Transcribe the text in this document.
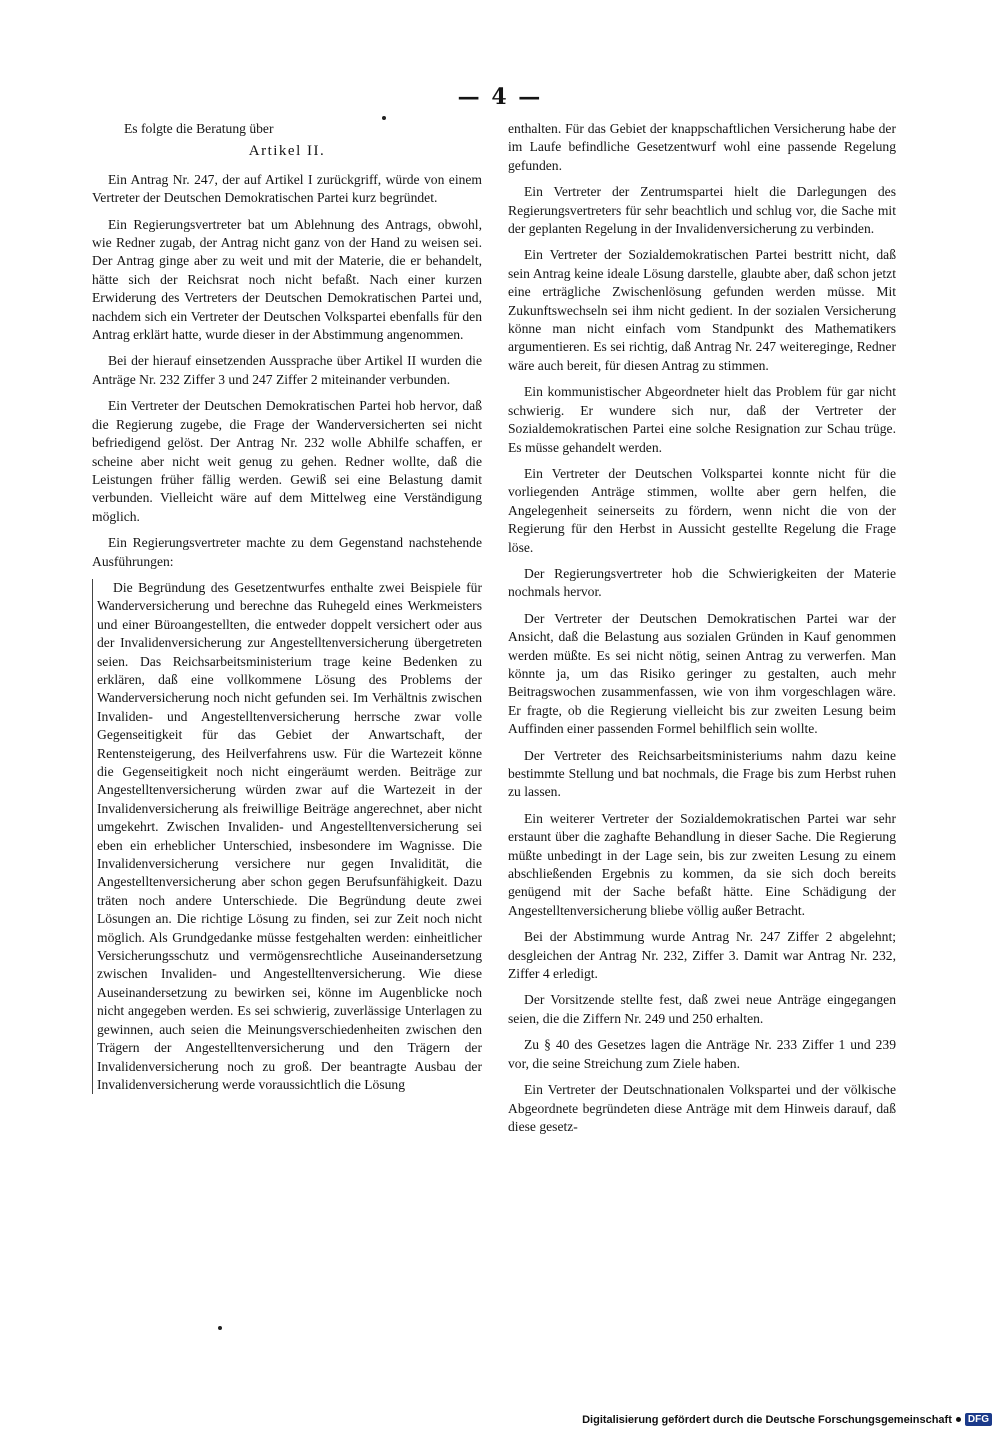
— 4 —
Es folgte die Beratung über
Artikel II.

Ein Antrag Nr. 247, der auf Artikel I zurückgriff, würde von einem Vertreter der Deutschen Demokratischen Partei kurz begründet.

Ein Regierungsvertreter bat um Ablehnung des Antrags, obwohl, wie Redner zugab, der Antrag nicht ganz von der Hand zu weisen sei. Der Antrag ginge aber zu weit und mit der Materie, die er behandelt, hätte sich der Reichsrat noch nicht befaßt. Nach einer kurzen Erwiderung des Vertreters der Deutschen Demokratischen Partei und, nachdem sich ein Vertreter der Deutschen Volkspartei ebenfalls für den Antrag erklärt hatte, wurde dieser in der Abstimmung angenommen.

Bei der hierauf einsetzenden Aussprache über Artikel II wurden die Anträge Nr. 232 Ziffer 3 und 247 Ziffer 2 miteinander verbunden.

Ein Vertreter der Deutschen Demokratischen Partei hob hervor, daß die Regierung zugebe, die Frage der Wanderversicherten sei nicht befriedigend gelöst. Der Antrag Nr. 232 wolle Abhilfe schaffen, er scheine aber nicht weit genug zu gehen. Redner wollte, daß die Leistungen früher fällig werden. Gewiß sei eine Belastung damit verbunden. Vielleicht wäre auf dem Mittelweg eine Verständigung möglich.

Ein Regierungsvertreter machte zu dem Gegenstand nachstehende Ausführungen:

Die Begründung des Gesetzentwurfes enthalte zwei Beispiele für Wanderversicherung und berechne das Ruhegeld eines Werkmeisters und einer Büroangestellten, die entweder doppelt versichert oder aus der Invalidenversicherung zur Angestelltenversicherung übergetreten seien. Das Reichsarbeitsministerium trage keine Bedenken zu erklären, daß eine vollkommene Lösung des Problems der Wanderversicherung noch nicht gefunden sei. Im Verhältnis zwischen Invaliden- und Angestelltenversicherung herrsche zwar volle Gegenseitigkeit für das Gebiet der Anwartschaft, der Rentensteigerung, des Heilverfahrens usw. Für die Wartezeit könne die Gegenseitigkeit noch nicht eingeräumt werden. Beiträge zur Angestelltenversicherung würden zwar auf die Wartezeit in der Invalidenversicherung als freiwillige Beiträge angerechnet, aber nicht umgekehrt. Zwischen Invaliden- und Angestelltenversicherung sei eben ein erheblicher Unterschied, insbesondere im Wagnisse. Die Invalidenversicherung versichere nur gegen Invalidität, die Angestelltenversicherung aber schon gegen Berufsunfähigkeit. Dazu träten noch andere Unterschiede. Die Begründung deute zwei Lösungen an. Die richtige Lösung zu finden, sei zur Zeit noch nicht möglich. Als Grundgedanke müsse festgehalten werden: einheitlicher Versicherungsschutz und vermögensrechtliche Auseinandersetzung zwischen Invaliden- und Angestelltenversicherung. Wie diese Auseinandersetzung zu bewirken sei, könne im Augenblicke noch nicht angegeben werden. Es sei schwierig, zuverlässige Unterlagen zu gewinnen, auch seien die Meinungsverschiedenheiten zwischen den Trägern der Angestelltenversicherung und den Trägern der Invalidenversicherung noch zu groß. Der beantragte Ausbau der Invalidenversicherung werde voraussichtlich die Lösung

enthalten. Für das Gebiet der knappschaftlichen Versicherung habe der im Laufe befindliche Gesetzentwurf wohl eine passende Regelung gefunden.

Ein Vertreter der Zentrumspartei hielt die Darlegungen des Regierungsvertreters für sehr beachtlich und schlug vor, die Sache mit der geplanten Regelung in der Invalidenversicherung zu verbinden.

Ein Vertreter der Sozialdemokratischen Partei bestritt nicht, daß sein Antrag keine ideale Lösung darstelle, glaubte aber, daß schon jetzt eine erträgliche Zwischenlösung gefunden werden müsse. Mit Zukunftswechseln sei ihm nicht gedient. In der sozialen Versicherung könne man nicht einfach vom Standpunkt des Mathematikers argumentieren. Es sei richtig, daß Antrag Nr. 247 weitereginge, Redner wäre auch bereit, für diesen Antrag zu stimmen.

Ein kommunistischer Abgeordneter hielt das Problem für gar nicht schwierig. Er wundere sich nur, daß der Vertreter der Sozialdemokratischen Partei eine solche Resignation zur Schau trüge. Es müsse gehandelt werden.

Ein Vertreter der Deutschen Volkspartei konnte nicht für die vorliegenden Anträge stimmen, wollte aber gern helfen, die Angelegenheit seinerseits zu fördern, wenn nicht die von der Regierung für den Herbst in Aussicht gestellte Regelung die Frage löse.

Der Regierungsvertreter hob die Schwierigkeiten der Materie nochmals hervor.

Der Vertreter der Deutschen Demokratischen Partei war der Ansicht, daß die Belastung aus sozialen Gründen in Kauf genommen werden müßte. Es sei nicht nötig, seinen Antrag zu verwerfen. Man könnte ja, um das Risiko geringer zu gestalten, auch mehr Beitragswochen zusammenfassen, wie von ihm vorgeschlagen wäre. Er fragte, ob die Regierung vielleicht bis zur zweiten Lesung beim Auffinden einer passenden Formel behilflich sein wollte.

Der Vertreter des Reichsarbeitsministeriums nahm dazu keine bestimmte Stellung und bat nochmals, die Frage bis zum Herbst ruhen zu lassen.

Ein weiterer Vertreter der Sozialdemokratischen Partei war sehr erstaunt über die zaghafte Behandlung in dieser Sache. Die Regierung müßte unbedingt in der Lage sein, bis zur zweiten Lesung zu einem abschließenden Ergebnis zu kommen, da sie sich doch bereits genügend mit der Sache befaßt hätte. Eine Schädigung der Angestelltenversicherung bliebe völlig außer Betracht.

Bei der Abstimmung wurde Antrag Nr. 247 Ziffer 2 abgelehnt; desgleichen der Antrag Nr. 232, Ziffer 3. Damit war Antrag Nr. 232, Ziffer 4 erledigt.

Der Vorsitzende stellte fest, daß zwei neue Anträge eingegangen seien, die die Ziffern Nr. 249 und 250 erhalten.

Zu § 40 des Gesetzes lagen die Anträge Nr. 233 Ziffer 1 und 239 vor, die seine Streichung zum Ziele haben.

Ein Vertreter der Deutschnationalen Volkspartei und der völkische Abgeordnete begründeten diese Anträge mit dem Hinweis darauf, daß diese gesetz-

Digitalisierung gefördert durch die Deutsche Forschungsgemeinschaft	DFG
